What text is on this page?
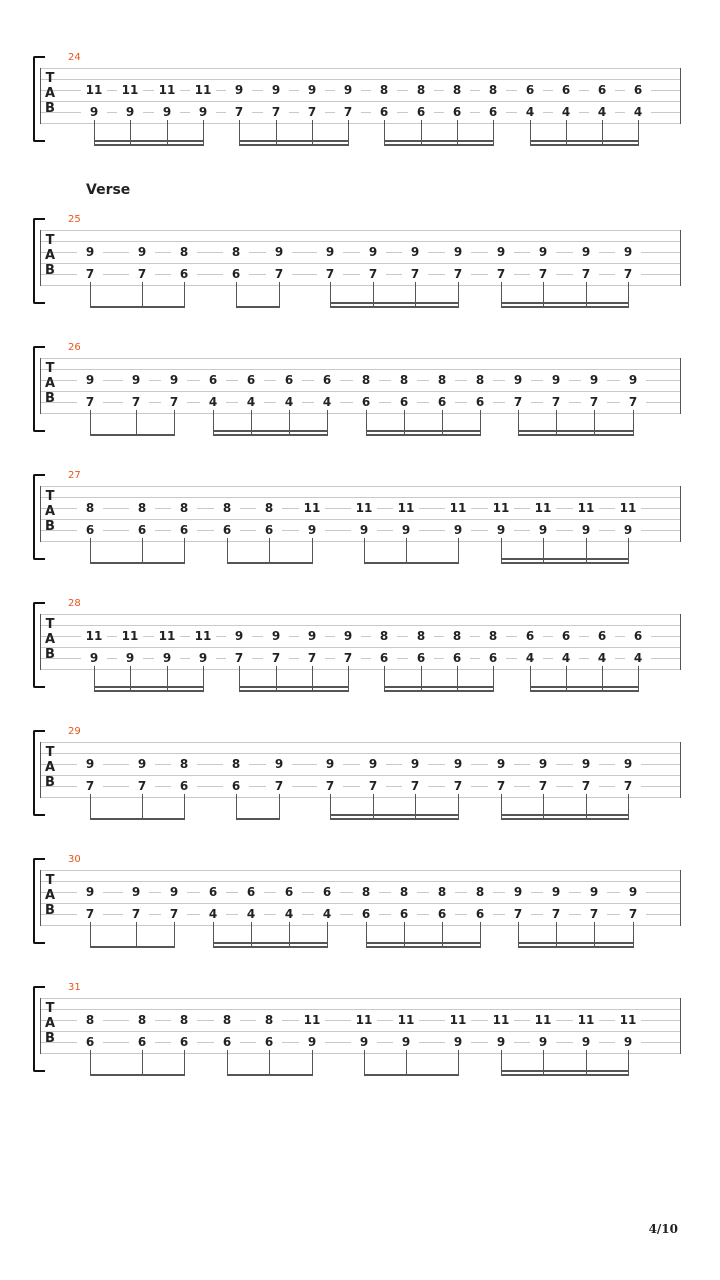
Verse
24
T
A
B
11
9
11
9
11
9
11
9
9
7
9
7
9
7
9
7
8
6
8
6
8
6
8
6
6
4
6
4
6
4
6
4
25
T
A
B
9
7
9
7
8
6
8
6
9
7
9
7
9
7
9
7
9
7
9
7
9
7
9
7
9
7
26
T
A
B
9
7
9
7
9
7
6
4
6
4
6
4
6
4
8
6
8
6
8
6
8
6
9
7
9
7
9
7
9
7
27
T
A
B
8
6
8
6
8
6
8
6
8
6
11
9
11
9
11
9
11
9
11
9
11
9
11
9
11
9
28
T
A
B
11
9
11
9
11
9
11
9
9
7
9
7
9
7
9
7
8
6
8
6
8
6
8
6
6
4
6
4
6
4
6
4
29
T
A
B
9
7
9
7
8
6
8
6
9
7
9
7
9
7
9
7
9
7
9
7
9
7
9
7
9
7
30
T
A
B
9
7
9
7
9
7
6
4
6
4
6
4
6
4
8
6
8
6
8
6
8
6
9
7
9
7
9
7
9
7
31
T
A
B
8
6
8
6
8
6
8
6
8
6
11
9
11
9
11
9
11
9
11
9
11
9
11
9
11
9
4/10
